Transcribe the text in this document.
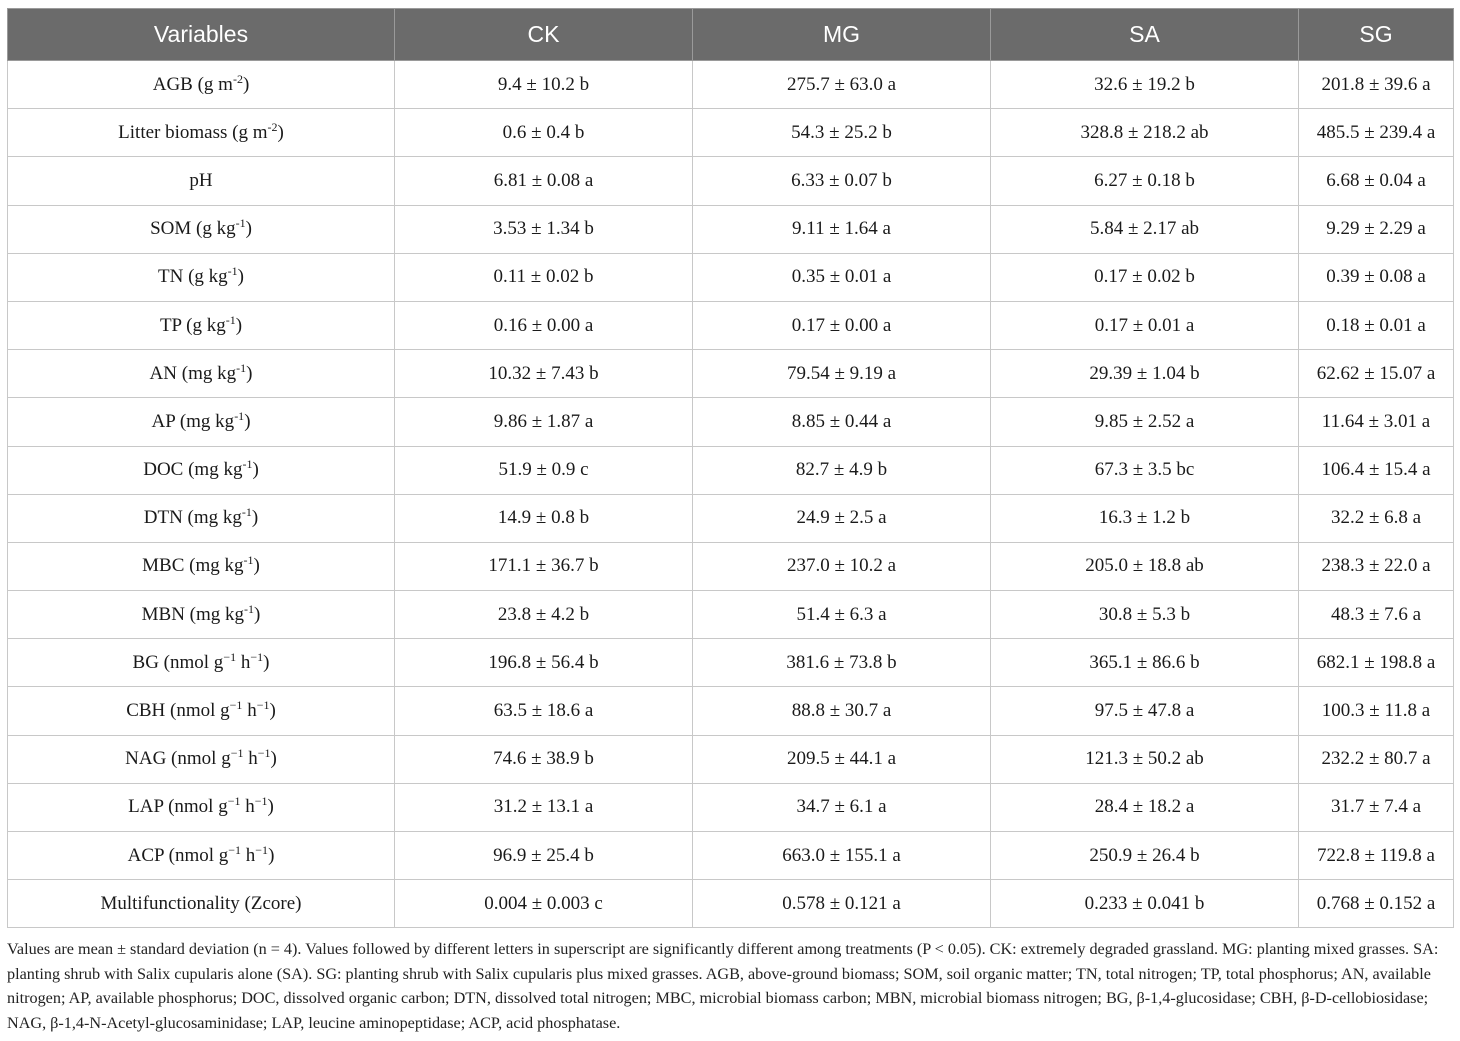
Variables	CK	MG	SA	SG
AGB (g $m^{-2}$)	9.4 ± 10.2 b	275.7 ± 63.0 a	32.6 ± 19.2 b	201.8 ± 39.6 a
Litter biomass (g $m^{-2}$)	0.6 ± 0.4 b	54.3 ± 25.2 b	328.8 ± 218.2 ab	485.5 ± 239.4 a
pH	6.81 ± 0.08 a	6.33 ± 0.07 b	6.27 ± 0.18 b	6.68 ± 0.04 a
SOM (g $kg^{-1}$)	3.53 ± 1.34 b	9.11 ± 1.64 a	5.84 ± 2.17 ab	9.29 ± 2.29 a
TN (g $kg^{-1}$)	0.11 ± 0.02 b	0.35 ± 0.01 a	0.17 ± 0.02 b	0.39 ± 0.08 a
TP (g $kg^{-1}$)	0.16 ± 0.00 a	0.17 ± 0.00 a	0.17 ± 0.01 a	0.18 ± 0.01 a
AN (mg $kg^{-1}$)	10.32 ± 7.43 b	79.54 ± 9.19 a	29.39 ± 1.04 b	62.62 ± 15.07 a
AP (mg $kg^{-1}$)	9.86 ± 1.87 a	8.85 ± 0.44 a	9.85 ± 2.52 a	11.64 ± 3.01 a
DOC (mg $kg^{-1}$)	51.9 ± 0.9 c	82.7 ± 4.9 b	67.3 ± 3.5 bc	106.4 ± 15.4 a
DTN (mg $kg^{-1}$)	14.9 ± 0.8 b	24.9 ± 2.5 a	16.3 ± 1.2 b	32.2 ± 6.8 a
MBC (mg $kg^{-1}$)	171.1 ± 36.7 b	237.0 ± 10.2 a	205.0 ± 18.8 ab	238.3 ± 22.0 a
MBN (mg $kg^{-1}$)	23.8 ± 4.2 b	51.4 ± 6.3 a	30.8 ± 5.3 b	48.3 ± 7.6 a
BG (nmol $g^{-1}$ $h^{-1}$)	196.8 ± 56.4 b	381.6 ± 73.8 b	365.1 ± 86.6 b	682.1 ± 198.8 a
CBH (nmol $g^{-1}$ $h^{-1}$)	63.5 ± 18.6 a	88.8 ± 30.7 a	97.5 ± 47.8 a	100.3 ± 11.8 a
NAG (nmol $g^{-1}$ $h^{-1}$)	74.6 ± 38.9 b	209.5 ± 44.1 a	121.3 ± 50.2 ab	232.2 ± 80.7 a
LAP (nmol $g^{-1}$ $h^{-1}$)	31.2 ± 13.1 a	34.7 ± 6.1 a	28.4 ± 18.2 a	31.7 ± 7.4 a
ACP (nmol $g^{-1}$ $h^{-1}$)	96.9 ± 25.4 b	663.0 ± 155.1 a	250.9 ± 26.4 b	722.8 ± 119.8 a
Multifunctionality (Zcore)	0.004 ± 0.003 c	0.578 ± 0.121 a	0.233 ± 0.041 b	0.768 ± 0.152 a
Values are mean ± standard deviation (n = 4). Values followed by different letters in superscript are significantly different among treatments (P < 0.05). CK: extremely degraded grassland. MG: planting mixed grasses. SA: planting shrub with Salix cupularis alone (SA). SG: planting shrub with Salix cupularis plus mixed grasses. AGB, above-ground biomass; SOM, soil organic matter; TN, total nitrogen; TP, total phosphorus; AN, available nitrogen; AP, available phosphorus; DOC, dissolved organic carbon; DTN, dissolved total nitrogen; MBC, microbial biomass carbon; MBN, microbial biomass nitrogen; BG, β-1,4-glucosidase; CBH, β-D-cellobiosidase; NAG, β-1,4-N-Acetyl-glucosaminidase; LAP, leucine aminopeptidase; ACP, acid phosphatase.
